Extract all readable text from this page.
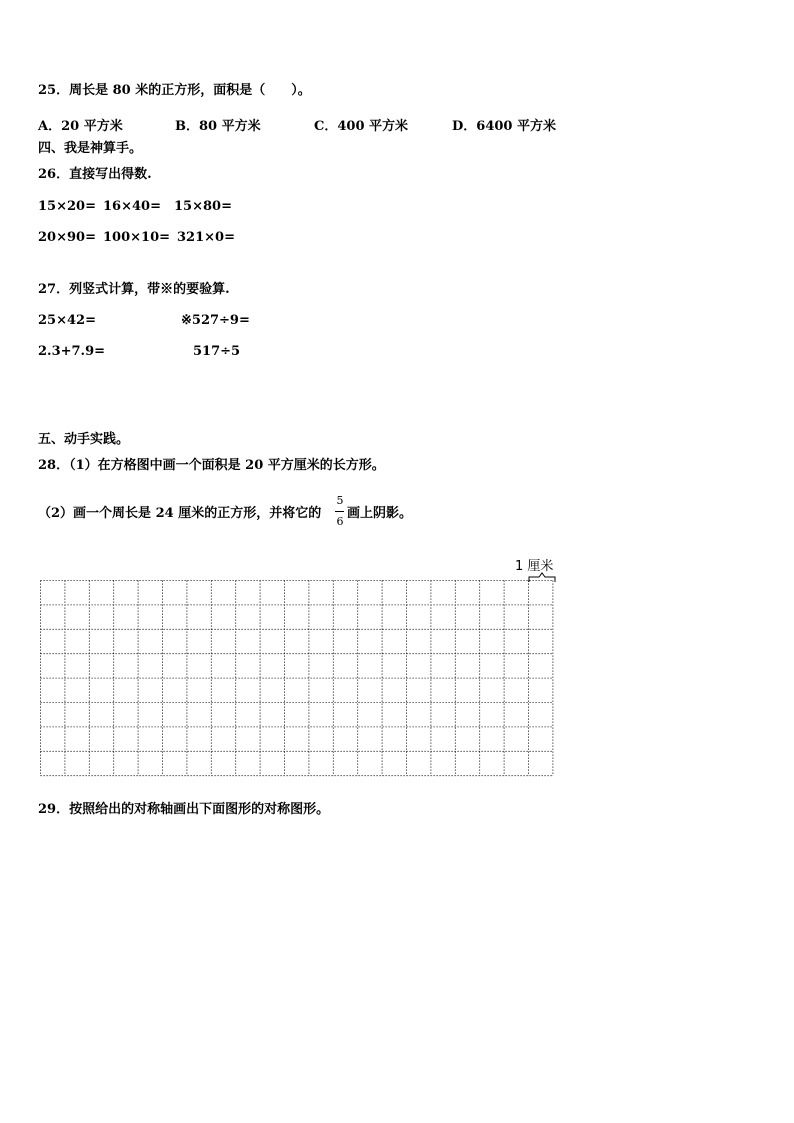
25．周长是 80 米的正方形，面积是（　　）。
A．20 平方米	B．80 平方米	C．400 平方米	D．6400 平方米
四、我是神算手。
26．直接写出得数.
15×20= 16×40= 15×80=
20×90= 100×10= 321×0=
27．列竖式计算，带※的要验算.
25×42=	※527÷9=
2.3+7.9=	517÷5
五、动手实践。
28．（1）在方格图中画一个面积是 20 平方厘米的长方形。
（2）画一个周长是 24 厘米的正方形，并将它的
5
6
画上阴影。
1 厘米
29．按照给出的对称轴画出下面图形的对称图形。
